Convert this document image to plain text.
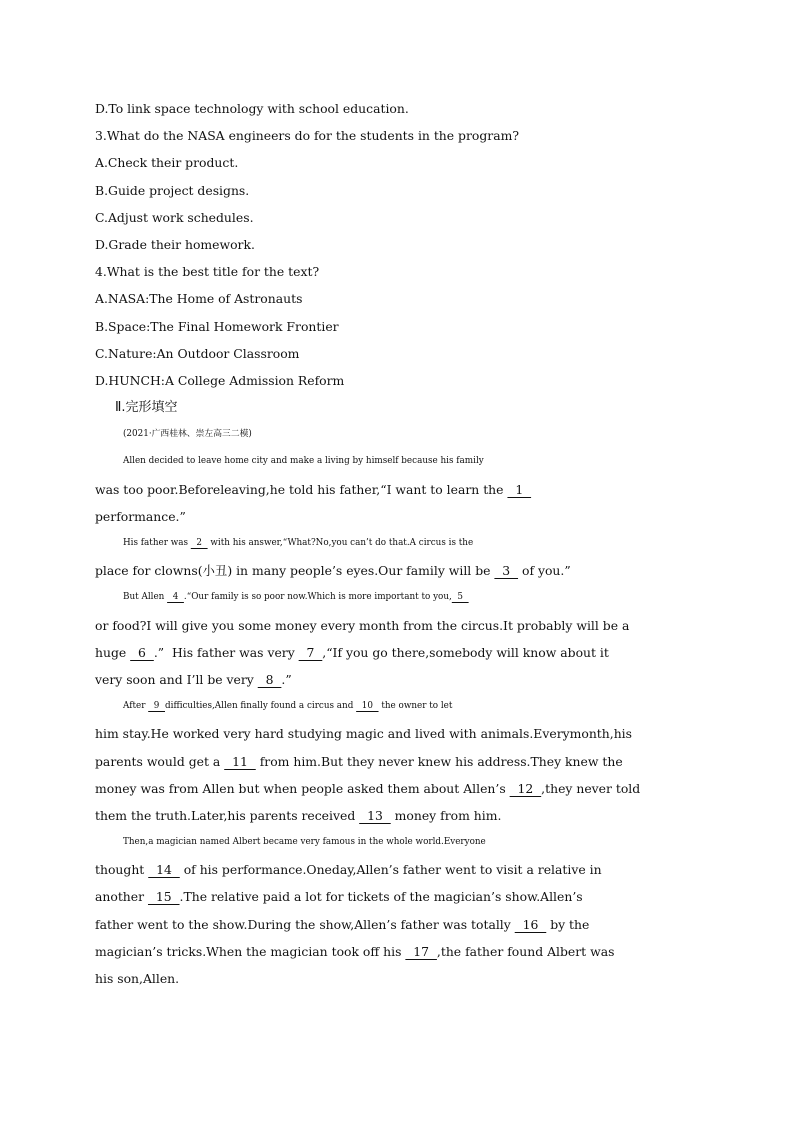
D.To link space technology with school education.
3.What do the NASA engineers do for the students in the program?
A.Check their product.
B.Guide project designs.
C.Adjust work schedules.
D.Grade their homework.
4.What is the best title for the text?
A.NASA:The Home of Astronauts
B.Space:The Final Homework Frontier
C.Nature:An Outdoor Classroom
D.HUNCH:A College Admission Reform
Ⅱ.完形填空
(2021·广西桂林、崇左高三二模)
Allen decided to leave home city and make a living by himself because his family
was too poor.Beforeleaving,he told his father,“I want to learn the   1
performance.”
His father was   2   with his answer,“What?No,you can’t do that.A circus is the
place for clowns(小丑) in many people’s eyes.Our family will be   3   of you.”
But Allen   4  .“Our family is so poor now.Which is more important to you,  5
or food?I will give you some money every month from the circus.It probably will be a
huge   6  .”  His father was very   7  ,“If you go there,somebody will know about it
very soon and I’ll be very   8  .”
After   9  difficulties,Allen finally found a circus and   10   the owner to let
him stay.He worked very hard studying magic and lived with animals.Everymonth,his
parents would get a   11   from him.But they never knew his address.They knew the
money was from Allen but when people asked them about Allen’s   12  ,they never told
them the truth.Later,his parents received   13   money from him.
Then,a magician named Albert became very famous in the whole world.Everyone
thought   14   of his performance.Oneday,Allen’s father went to visit a relative in
another   15  .The relative paid a lot for tickets of the magician’s show.Allen’s
father went to the show.During the show,Allen’s father was totally   16   by the
magician’s tricks.When the magician took off his   17  ,the father found Albert was
his son,Allen.
